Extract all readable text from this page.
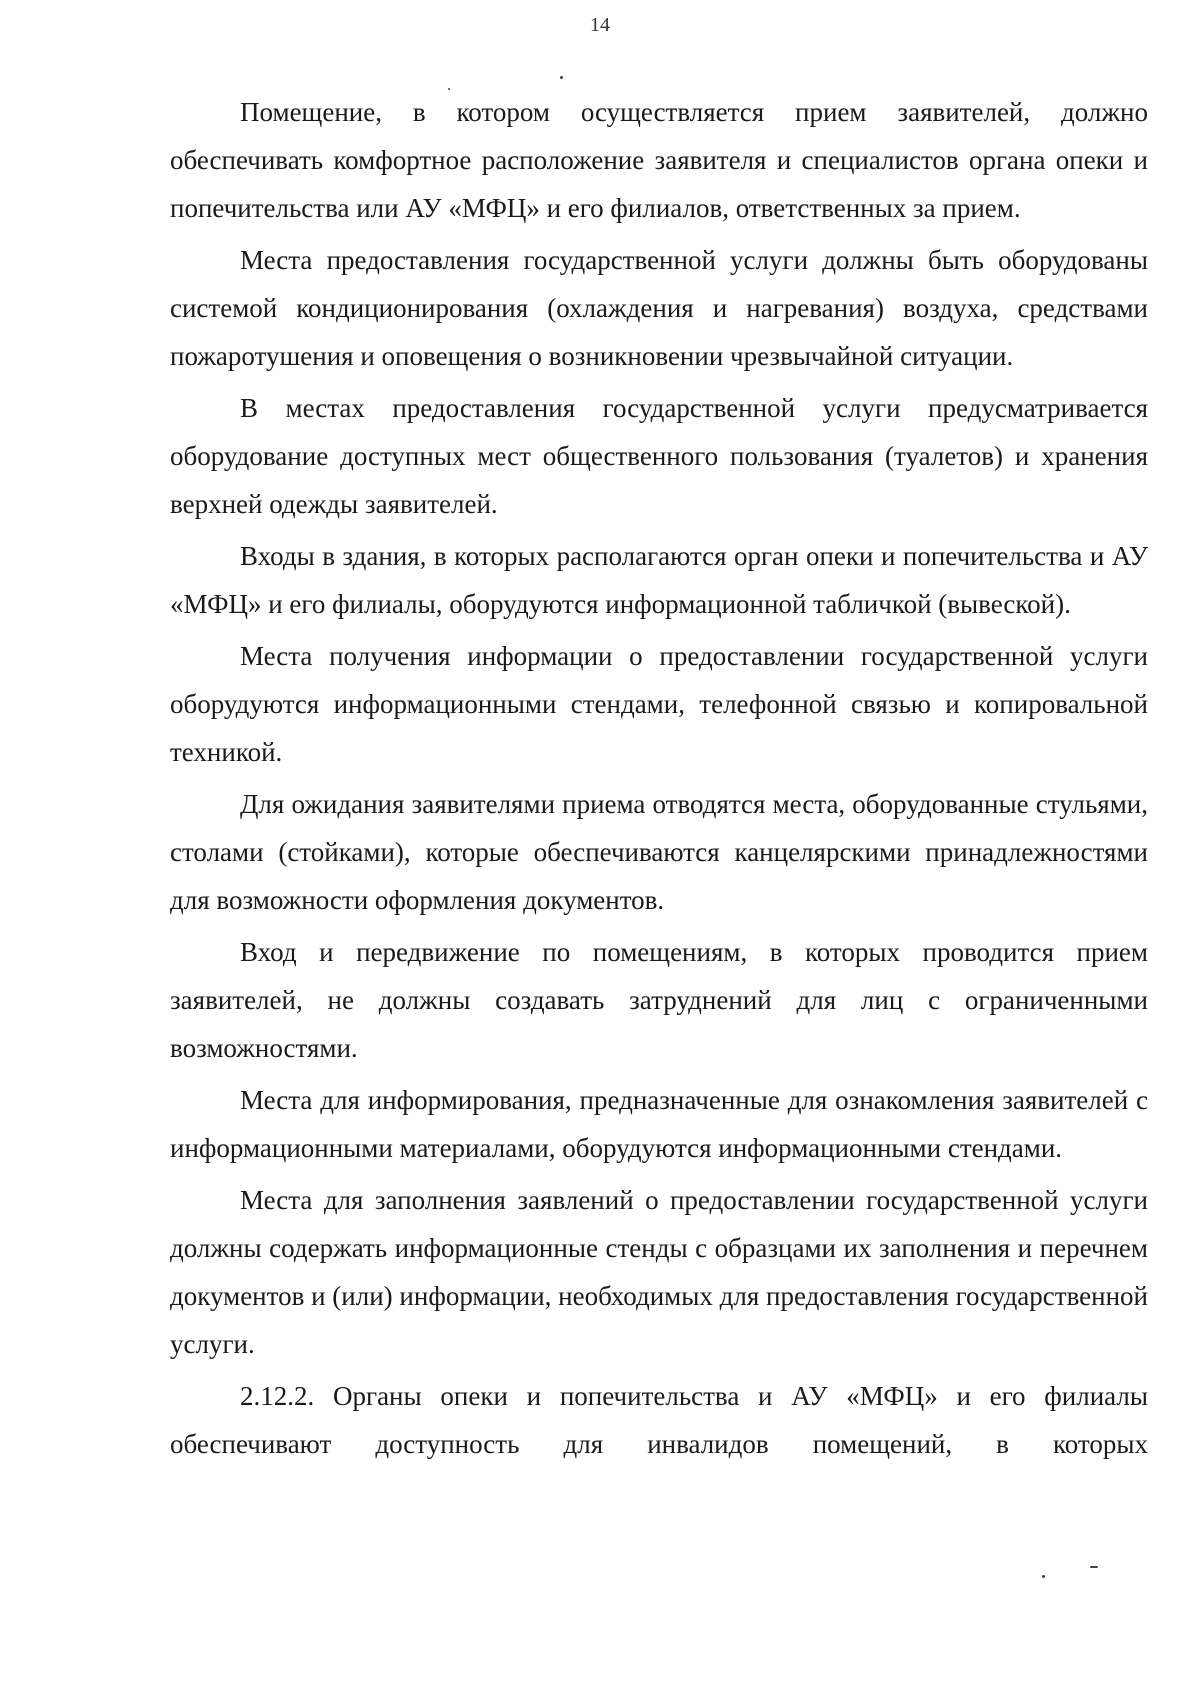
14

Помещение, в котором осуществляется прием заявителей, должно обеспечивать комфортное расположение заявителя и специалистов органа опеки и попечительства или АУ «МФЦ» и его филиалов, ответственных за прием.

Места предоставления государственной услуги должны быть оборудованы системой кондиционирования (охлаждения и нагревания) воздуха, средствами пожаротушения и оповещения о возникновении чрезвычайной ситуации.

В местах предоставления государственной услуги предусматривается оборудование доступных мест общественного пользования (туалетов) и хранения верхней одежды заявителей.

Входы в здания, в которых располагаются орган опеки и попечительства и АУ «МФЦ» и его филиалы, оборудуются информационной табличкой (вывеской).

Места получения информации о предоставлении государственной услуги оборудуются информационными стендами, телефонной связью и копировальной техникой.

Для ожидания заявителями приема отводятся места, оборудованные стульями, столами (стойками), которые обеспечиваются канцелярскими принадлежностями для возможности оформления документов.

Вход и передвижение по помещениям, в которых проводится прием заявителей, не должны создавать затруднений для лиц с ограниченными возможностями.

Места для информирования, предназначенные для ознакомления заявителей с информационными материалами, оборудуются информационными стендами.

Места для заполнения заявлений о предоставлении государственной услуги должны содержать информационные стенды с образцами их заполнения и перечнем документов и (или) информации, необходимых для предоставления государственной услуги.

2.12.2. Органы опеки и попечительства и АУ «МФЦ» и его филиалы обеспечивают доступность для инвалидов помещений, в которых
